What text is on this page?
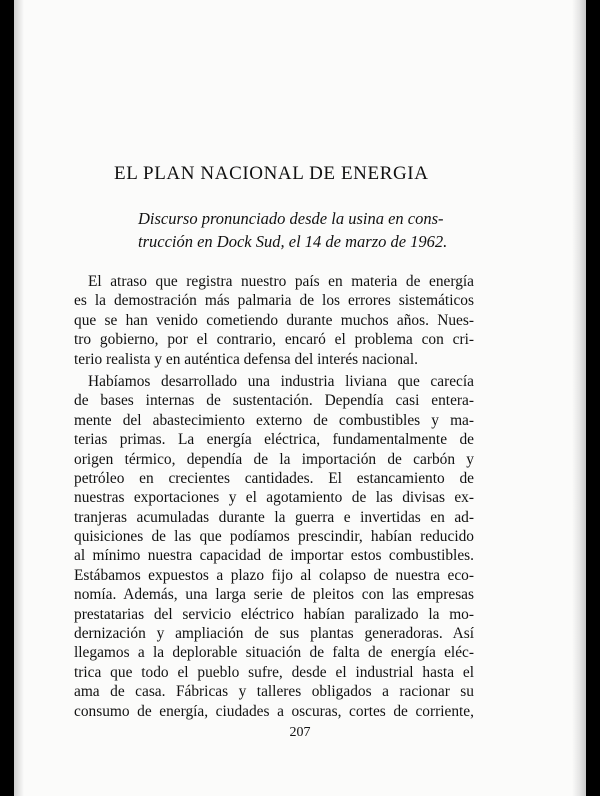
EL PLAN NACIONAL DE ENERGIA
Discurso pronunciado desde la usina en cons-
trucción en Dock Sud, el 14 de marzo de 1962.
El atraso que registra nuestro país en materia de energía
es la demostración más palmaria de los errores sistemáticos
que se han venido cometiendo durante muchos años. Nues-
tro gobierno, por el contrario, encaró el problema con cri-
terio realista y en auténtica defensa del interés nacional.
Habíamos desarrollado una industria liviana que carecía
de bases internas de sustentación. Dependía casi entera-
mente del abastecimiento externo de combustibles y ma-
terias primas. La energía eléctrica, fundamentalmente de
origen térmico, dependía de la importación de carbón y
petróleo en crecientes cantidades. El estancamiento de
nuestras exportaciones y el agotamiento de las divisas ex-
tranjeras acumuladas durante la guerra e invertidas en ad-
quisiciones de las que podíamos prescindir, habían reducido
al mínimo nuestra capacidad de importar estos combustibles.
Estábamos expuestos a plazo fijo al colapso de nuestra eco-
nomía. Además, una larga serie de pleitos con las empresas
prestatarias del servicio eléctrico habían paralizado la mo-
dernización y ampliación de sus plantas generadoras. Así
llegamos a la deplorable situación de falta de energía eléc-
trica que todo el pueblo sufre, desde el industrial hasta el
ama de casa. Fábricas y talleres obligados a racionar su
consumo de energía, ciudades a oscuras, cortes de corriente,
207
